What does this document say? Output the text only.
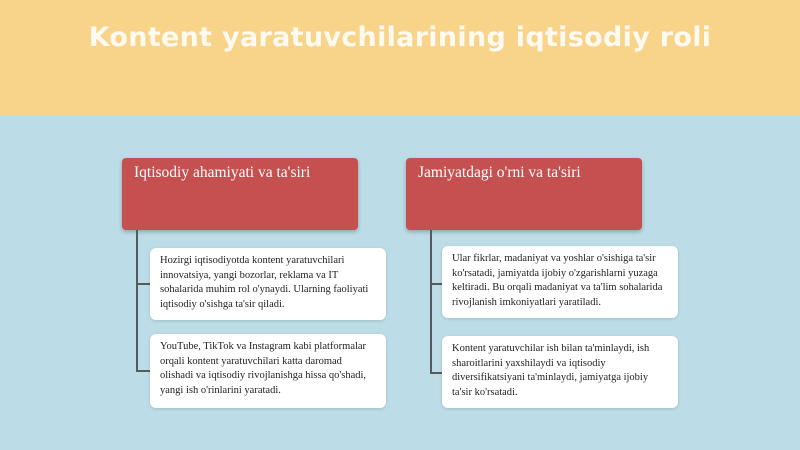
Kontent yaratuvchilarining iqtisodiy roli
Iqtisodiy ahamiyati va ta'siri
Hozirgi iqtisodiyotda kontent yaratuvchilari innovatsiya, yangi bozorlar, reklama va IT sohalarida muhim rol o'ynaydi. Ularning faoliyati iqtisodiy o'sishga ta'sir qiladi.
YouTube, TikTok va Instagram kabi platformalar orqali kontent yaratuvchilari katta daromad olishadi va iqtisodiy rivojlanishga hissa qo'shadi, yangi ish o'rinlarini yaratadi.
Jamiyatdagi o'rni va ta'siri
Ular fikrlar, madaniyat va yoshlar o'sishiga ta'sir ko'rsatadi, jamiyatda ijobiy o'zgarishlarni yuzaga keltiradi. Bu orqali madaniyat va ta'lim sohalarida rivojlanish imkoniyatlari yaratiladi.
Kontent yaratuvchilar ish bilan ta'minlaydi, ish sharoitlarini yaxshilaydi va iqtisodiy diversifikatsiyani ta'minlaydi, jamiyatga ijobiy ta'sir ko'rsatadi.
